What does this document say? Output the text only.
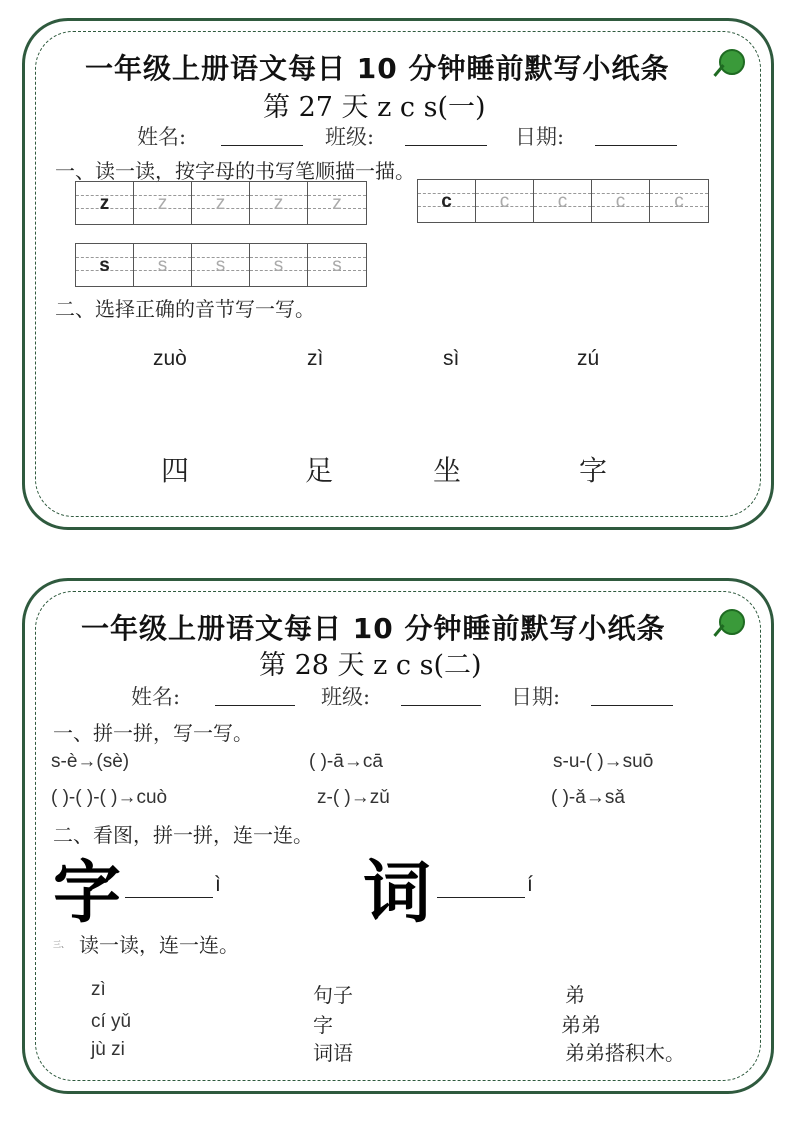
一年级上册语文每日 10 分钟睡前默写小纸条
第 27 天 z c s(一)
姓名:	班级:	日期:
一、读一读，按字母的书写笔顺描一描。
z	z	z	z	z	c	c	c	c	c
s	s	s	s	s
二、选择正确的音节写一写。
zuò	zì	sì	zú
四	足	坐	字
一年级上册语文每日 10 分钟睡前默写小纸条
第 28 天 z c s(二)
姓名:	班级:	日期:
一、拼一拼，写一写。
s-è→(sè)	( )-ā→cā	s-u-( )→suō
( )-( )-( )→cuò	z-( )→zǔ	( )-ǎ→sǎ
二、看图，拼一拼，连一连。
字	ì 词	í
三、 读一读，连一连。
zì
cí yǔ
jù zi
句子
字
词语
弟
弟弟
弟弟搭积木。
